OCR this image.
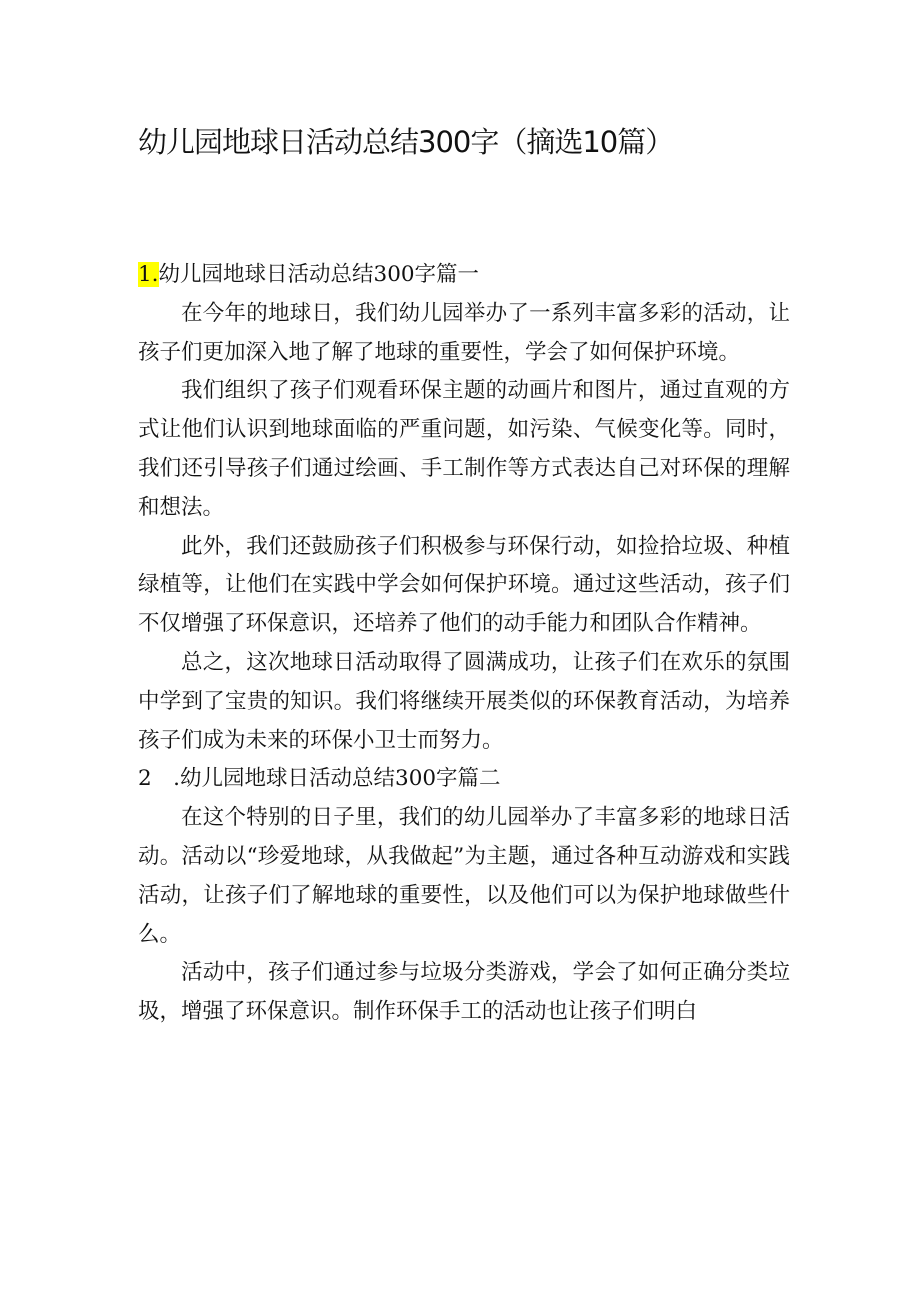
幼儿园地球日活动总结300字（摘选10篇）
1.幼儿园地球日活动总结300字篇一

在今年的地球日，我们幼儿园举办了一系列丰富多彩的活动，让孩子们更加深入地了解了地球的重要性，学会了如何保护环境。

我们组织了孩子们观看环保主题的动画片和图片，通过直观的方式让他们认识到地球面临的严重问题，如污染、气候变化等。同时，我们还引导孩子们通过绘画、手工制作等方式表达自己对环保的理解和想法。

此外，我们还鼓励孩子们积极参与环保行动，如捡拾垃圾、种植绿植等，让他们在实践中学会如何保护环境。通过这些活动，孩子们不仅增强了环保意识，还培养了他们的动手能力和团队合作精神。

总之，这次地球日活动取得了圆满成功，让孩子们在欢乐的氛围中学到了宝贵的知识。我们将继续开展类似的环保教育活动，为培养孩子们成为未来的环保小卫士而努力。

2　.幼儿园地球日活动总结300字篇二

在这个特别的日子里，我们的幼儿园举办了丰富多彩的地球日活动。活动以“珍爱地球，从我做起”为主题，通过各种互动游戏和实践活动，让孩子们了解地球的重要性，以及他们可以为保护地球做些什么。

活动中，孩子们通过参与垃圾分类游戏，学会了如何正确分类垃圾，增强了环保意识。制作环保手工的活动也让孩子们明白
